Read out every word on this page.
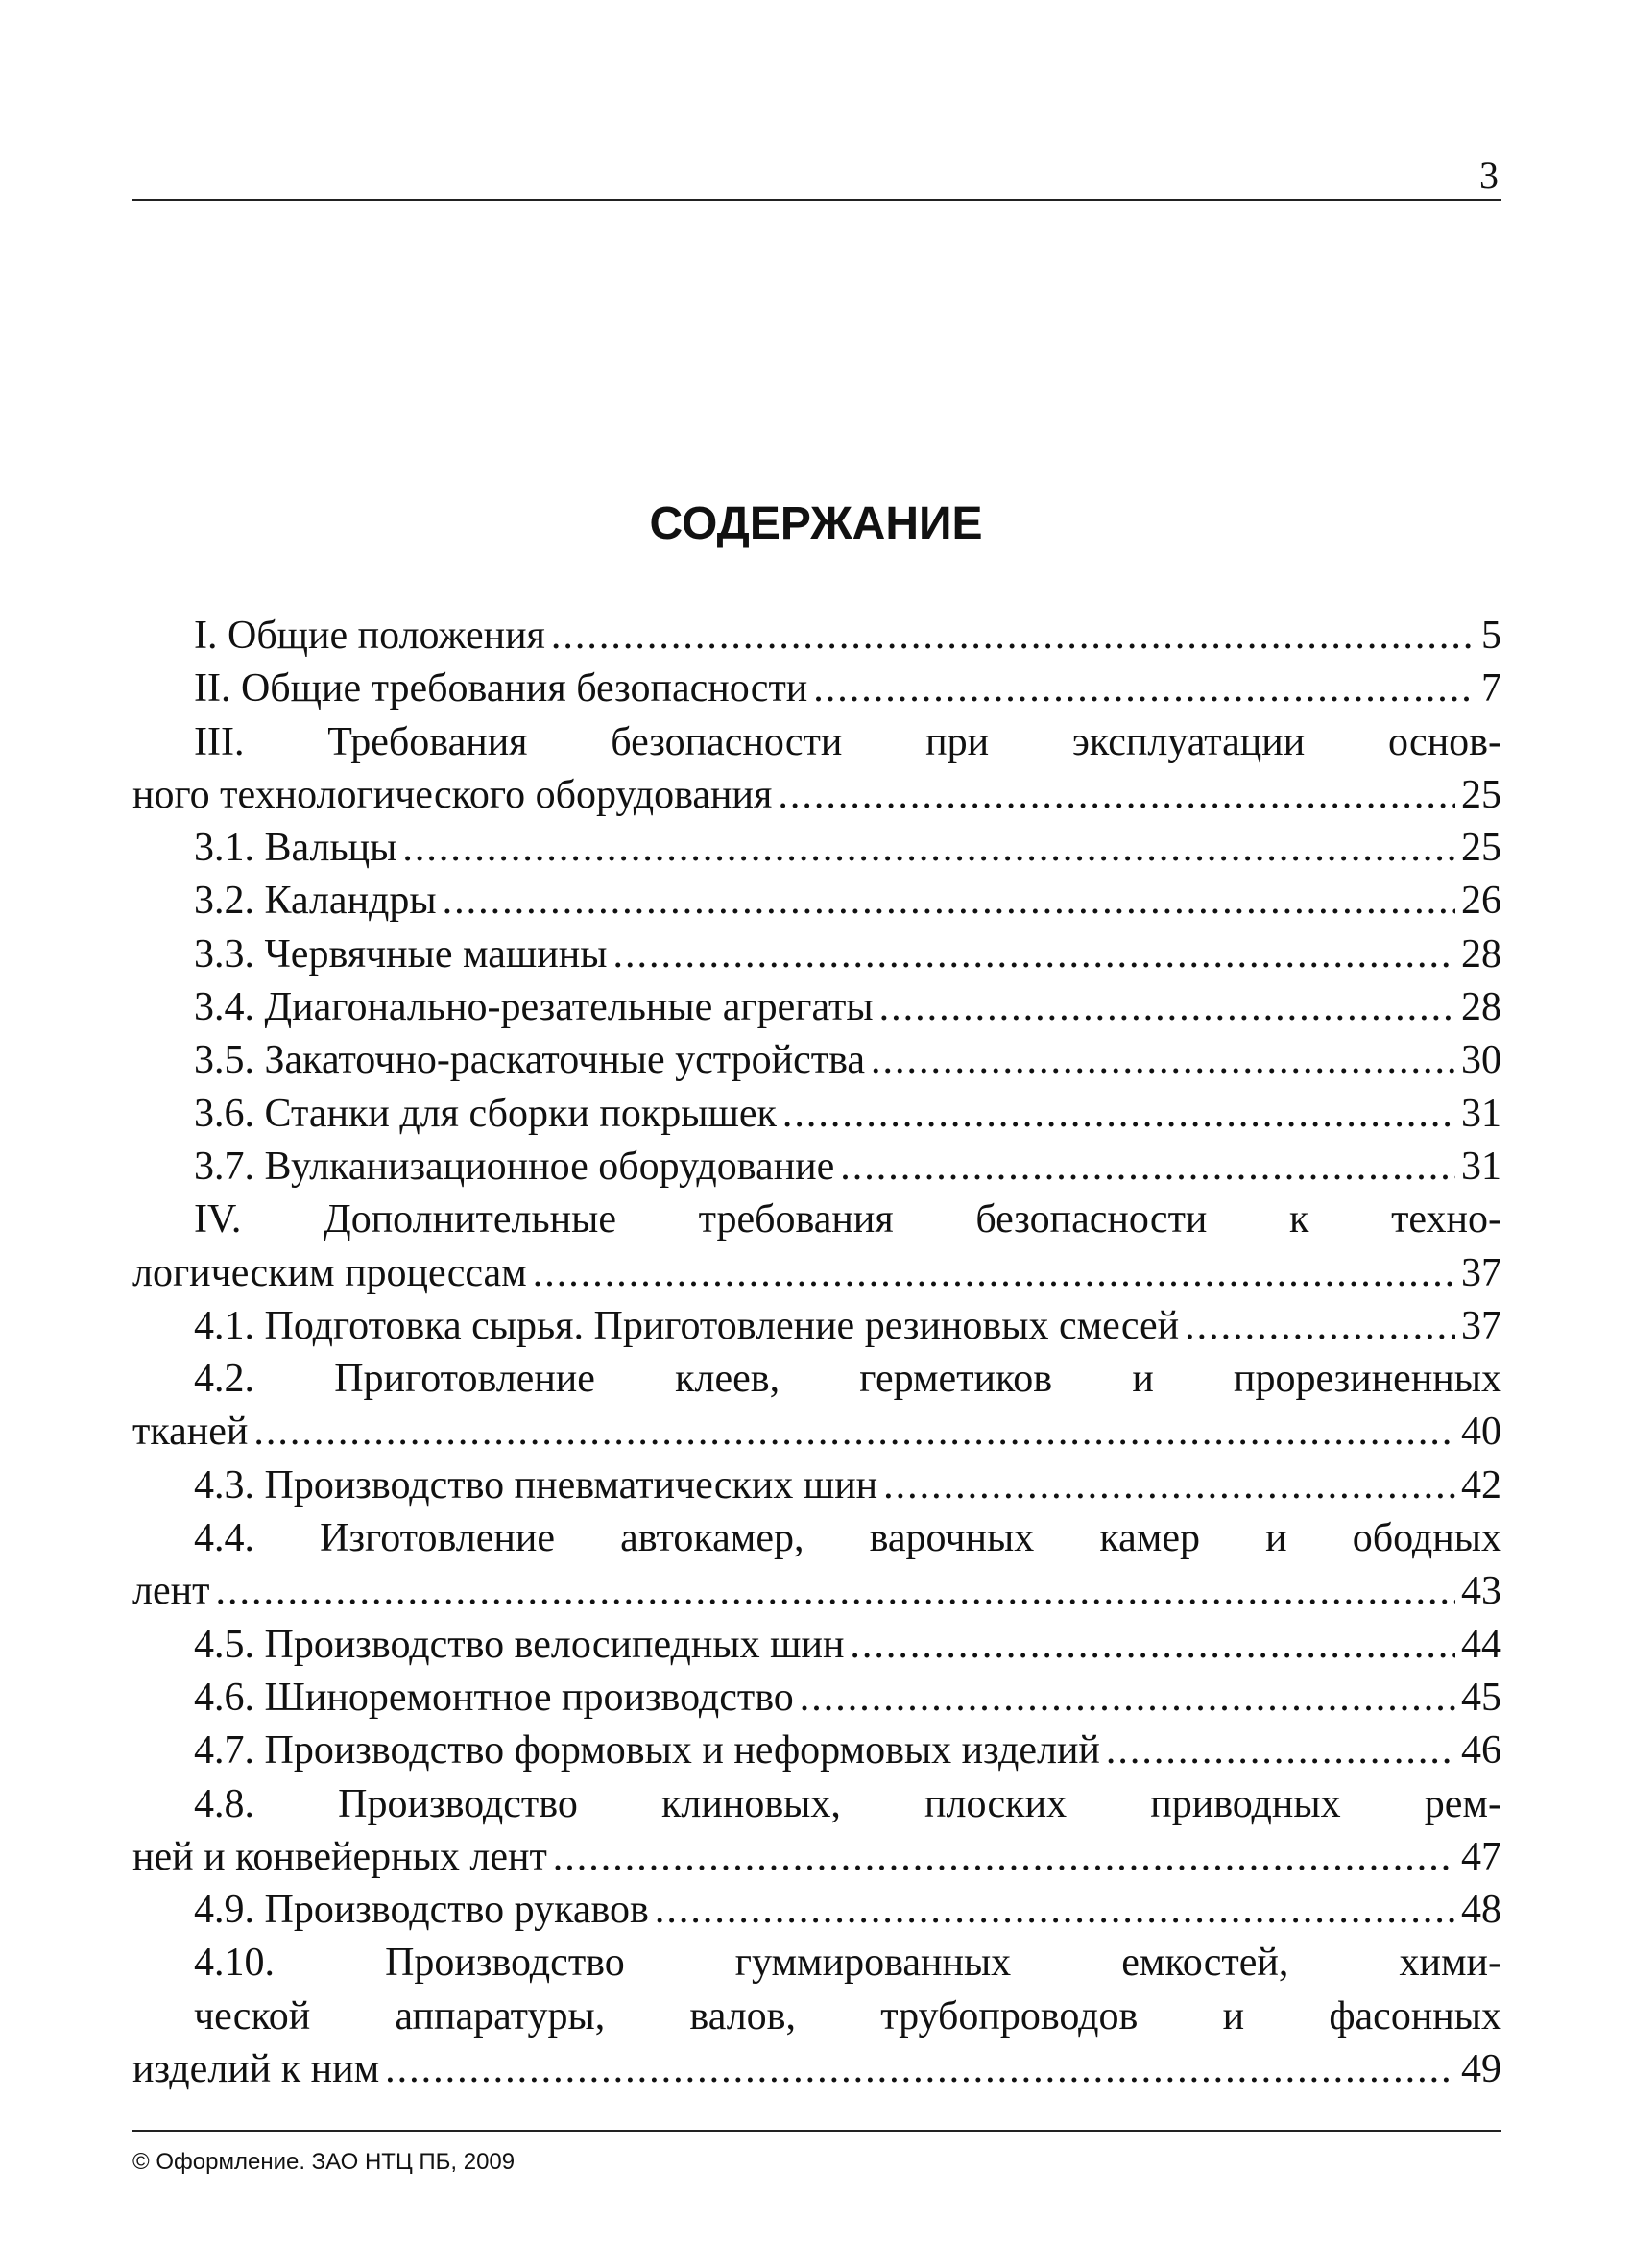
3
СОДЕРЖАНИЕ
I. Общие положения .....	5
II. Общие требования безопасности .....	7
III. Требования безопасности при эксплуатации основ-
ного технологического оборудования .....	25
3.1. Вальцы .....	25
3.2. Каландры .....	26
3.3. Червячные машины .....	28
3.4. Диагонально-резательные агрегаты .....	28
3.5. Закаточно-раскаточные устройства .....	30
3.6. Станки для сборки покрышек .....	31
3.7. Вулканизационное оборудование .....	31
IV. Дополнительные требования безопасности к техно-
логическим процессам .....	37
4.1. Подготовка сырья. Приготовление резиновых смесей .....	37
4.2. Приготовление клеев, герметиков и прорезиненных
тканей .....	40
4.3. Производство пневматических шин .....	42
4.4. Изготовление автокамер, варочных камер и ободных
лент .....	43
4.5. Производство велосипедных шин .....	44
4.6. Шиноремонтное производство .....	45
4.7. Производство формовых и неформовых изделий .....	46
4.8. Производство клиновых, плоских приводных рем-
ней и конвейерных лент .....	47
4.9. Производство рукавов .....	48
4.10. Производство гуммированных емкостей, хими-
ческой аппаратуры, валов, трубопроводов и фасонных
изделий к ним .....	49
© Оформление. ЗАО НТЦ ПБ, 2009
